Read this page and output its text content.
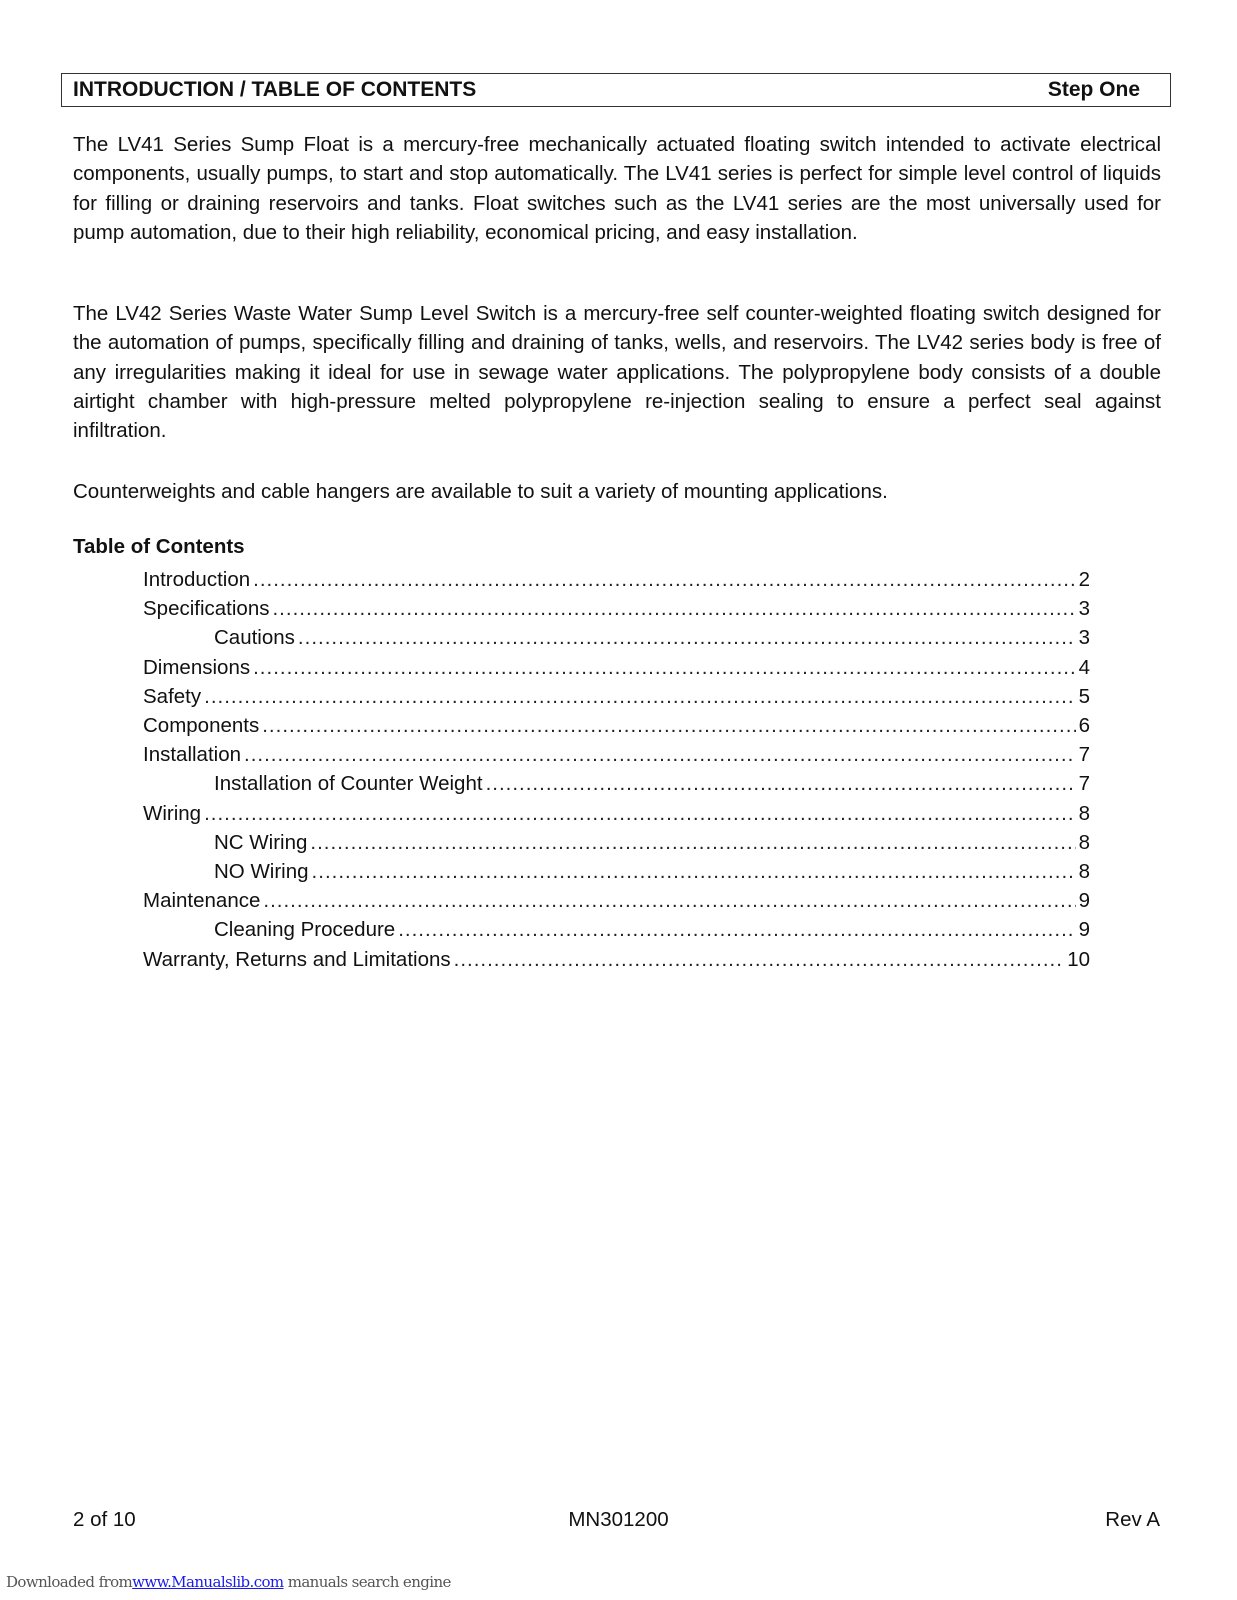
INTRODUCTION / TABLE OF CONTENTS	Step One

The LV41 Series Sump Float is a mercury-free mechanically actuated floating switch intended to activate electrical components, usually pumps, to start and stop automatically. The LV41 series is perfect for simple level control of liquids for filling or draining reservoirs and tanks. Float switches such as the LV41 series are the most universally used for pump automation, due to their high reliability, economical pricing, and easy installation.

The LV42 Series Waste Water Sump Level Switch is a mercury-free self counter-weighted floating switch designed for the automation of pumps, specifically filling and draining of tanks, wells, and reservoirs. The LV42 series body is free of any irregularities making it ideal for use in sewage water applications. The polypropylene body consists of a double airtight chamber with high-pressure melted polypropylene re-injection sealing to ensure a perfect seal against infiltration.

Counterweights and cable hangers are available to suit a variety of mounting applications.

Table of Contents

Introduction .....	2
Specifications .....	3
Cautions .....	3
Dimensions .....	4
Safety .....	5
Components .....	6
Installation .....	7
Installation of Counter Weight .....	7
Wiring .....	8
NC Wiring .....	8
NO Wiring .....	8
Maintenance .....	9
Cleaning Procedure .....	9
Warranty, Returns and Limitations .....	10
2 of 10	MN301200	Rev A
Downloaded fromwww.Manualslib.com manuals search engine
